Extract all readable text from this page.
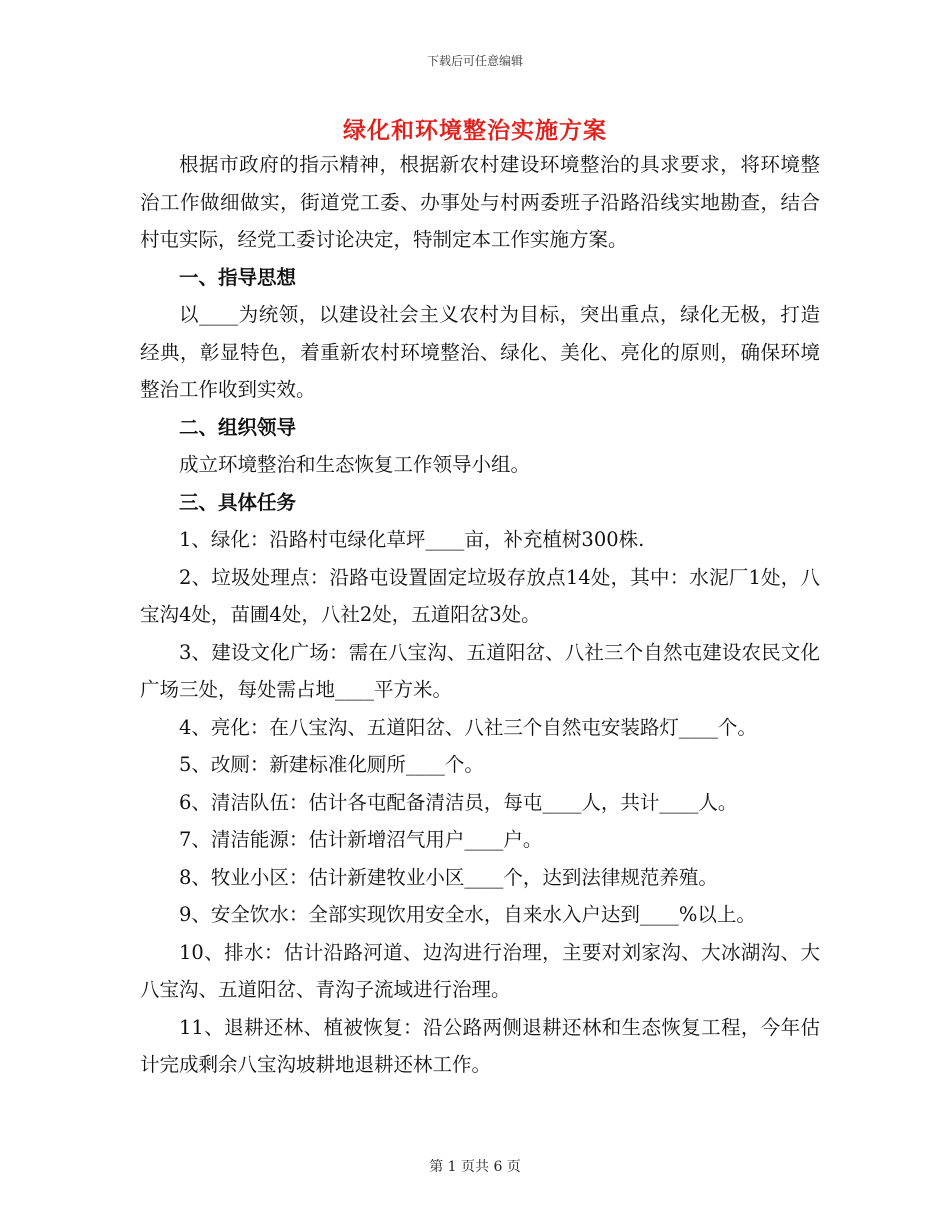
下载后可任意编辑
绿化和环境整治实施方案

根据市政府的指示精神，根据新农村建设环境整治的具求要求，将环境整治工作做细做实，街道党工委、办事处与村两委班子沿路沿线实地勘查，结合村屯实际，经党工委讨论决定，特制定本工作实施方案。

一、指导思想

以____为统领，以建设社会主义农村为目标，突出重点，绿化无极，打造经典，彰显特色，着重新农村环境整治、绿化、美化、亮化的原则，确保环境整治工作收到实效。

二、组织领导

成立环境整治和生态恢复工作领导小组。

三、具体任务

1、绿化：沿路村屯绿化草坪____亩，补充植树300株.

2、垃圾处理点：沿路屯设置固定垃圾存放点14处，其中：水泥厂1处，八宝沟4处，苗圃4处，八社2处，五道阳岔3处。

3、建设文化广场：需在八宝沟、五道阳岔、八社三个自然屯建设农民文化广场三处，每处需占地____平方米。

4、亮化：在八宝沟、五道阳岔、八社三个自然屯安装路灯____个。

5、改厕：新建标准化厕所____个。

6、清洁队伍：估计各屯配备清洁员，每屯____人，共计____人。

7、清洁能源：估计新增沼气用户____户。

8、牧业小区：估计新建牧业小区____个，达到法律规范养殖。

9、安全饮水：全部实现饮用安全水，自来水入户达到____%以上。

10、排水：估计沿路河道、边沟进行治理，主要对刘家沟、大冰湖沟、大八宝沟、五道阳岔、青沟子流域进行治理。

11、退耕还林、植被恢复：沿公路两侧退耕还林和生态恢复工程，今年估计完成剩余八宝沟坡耕地退耕还林工作。

第 1 页共 6 页
